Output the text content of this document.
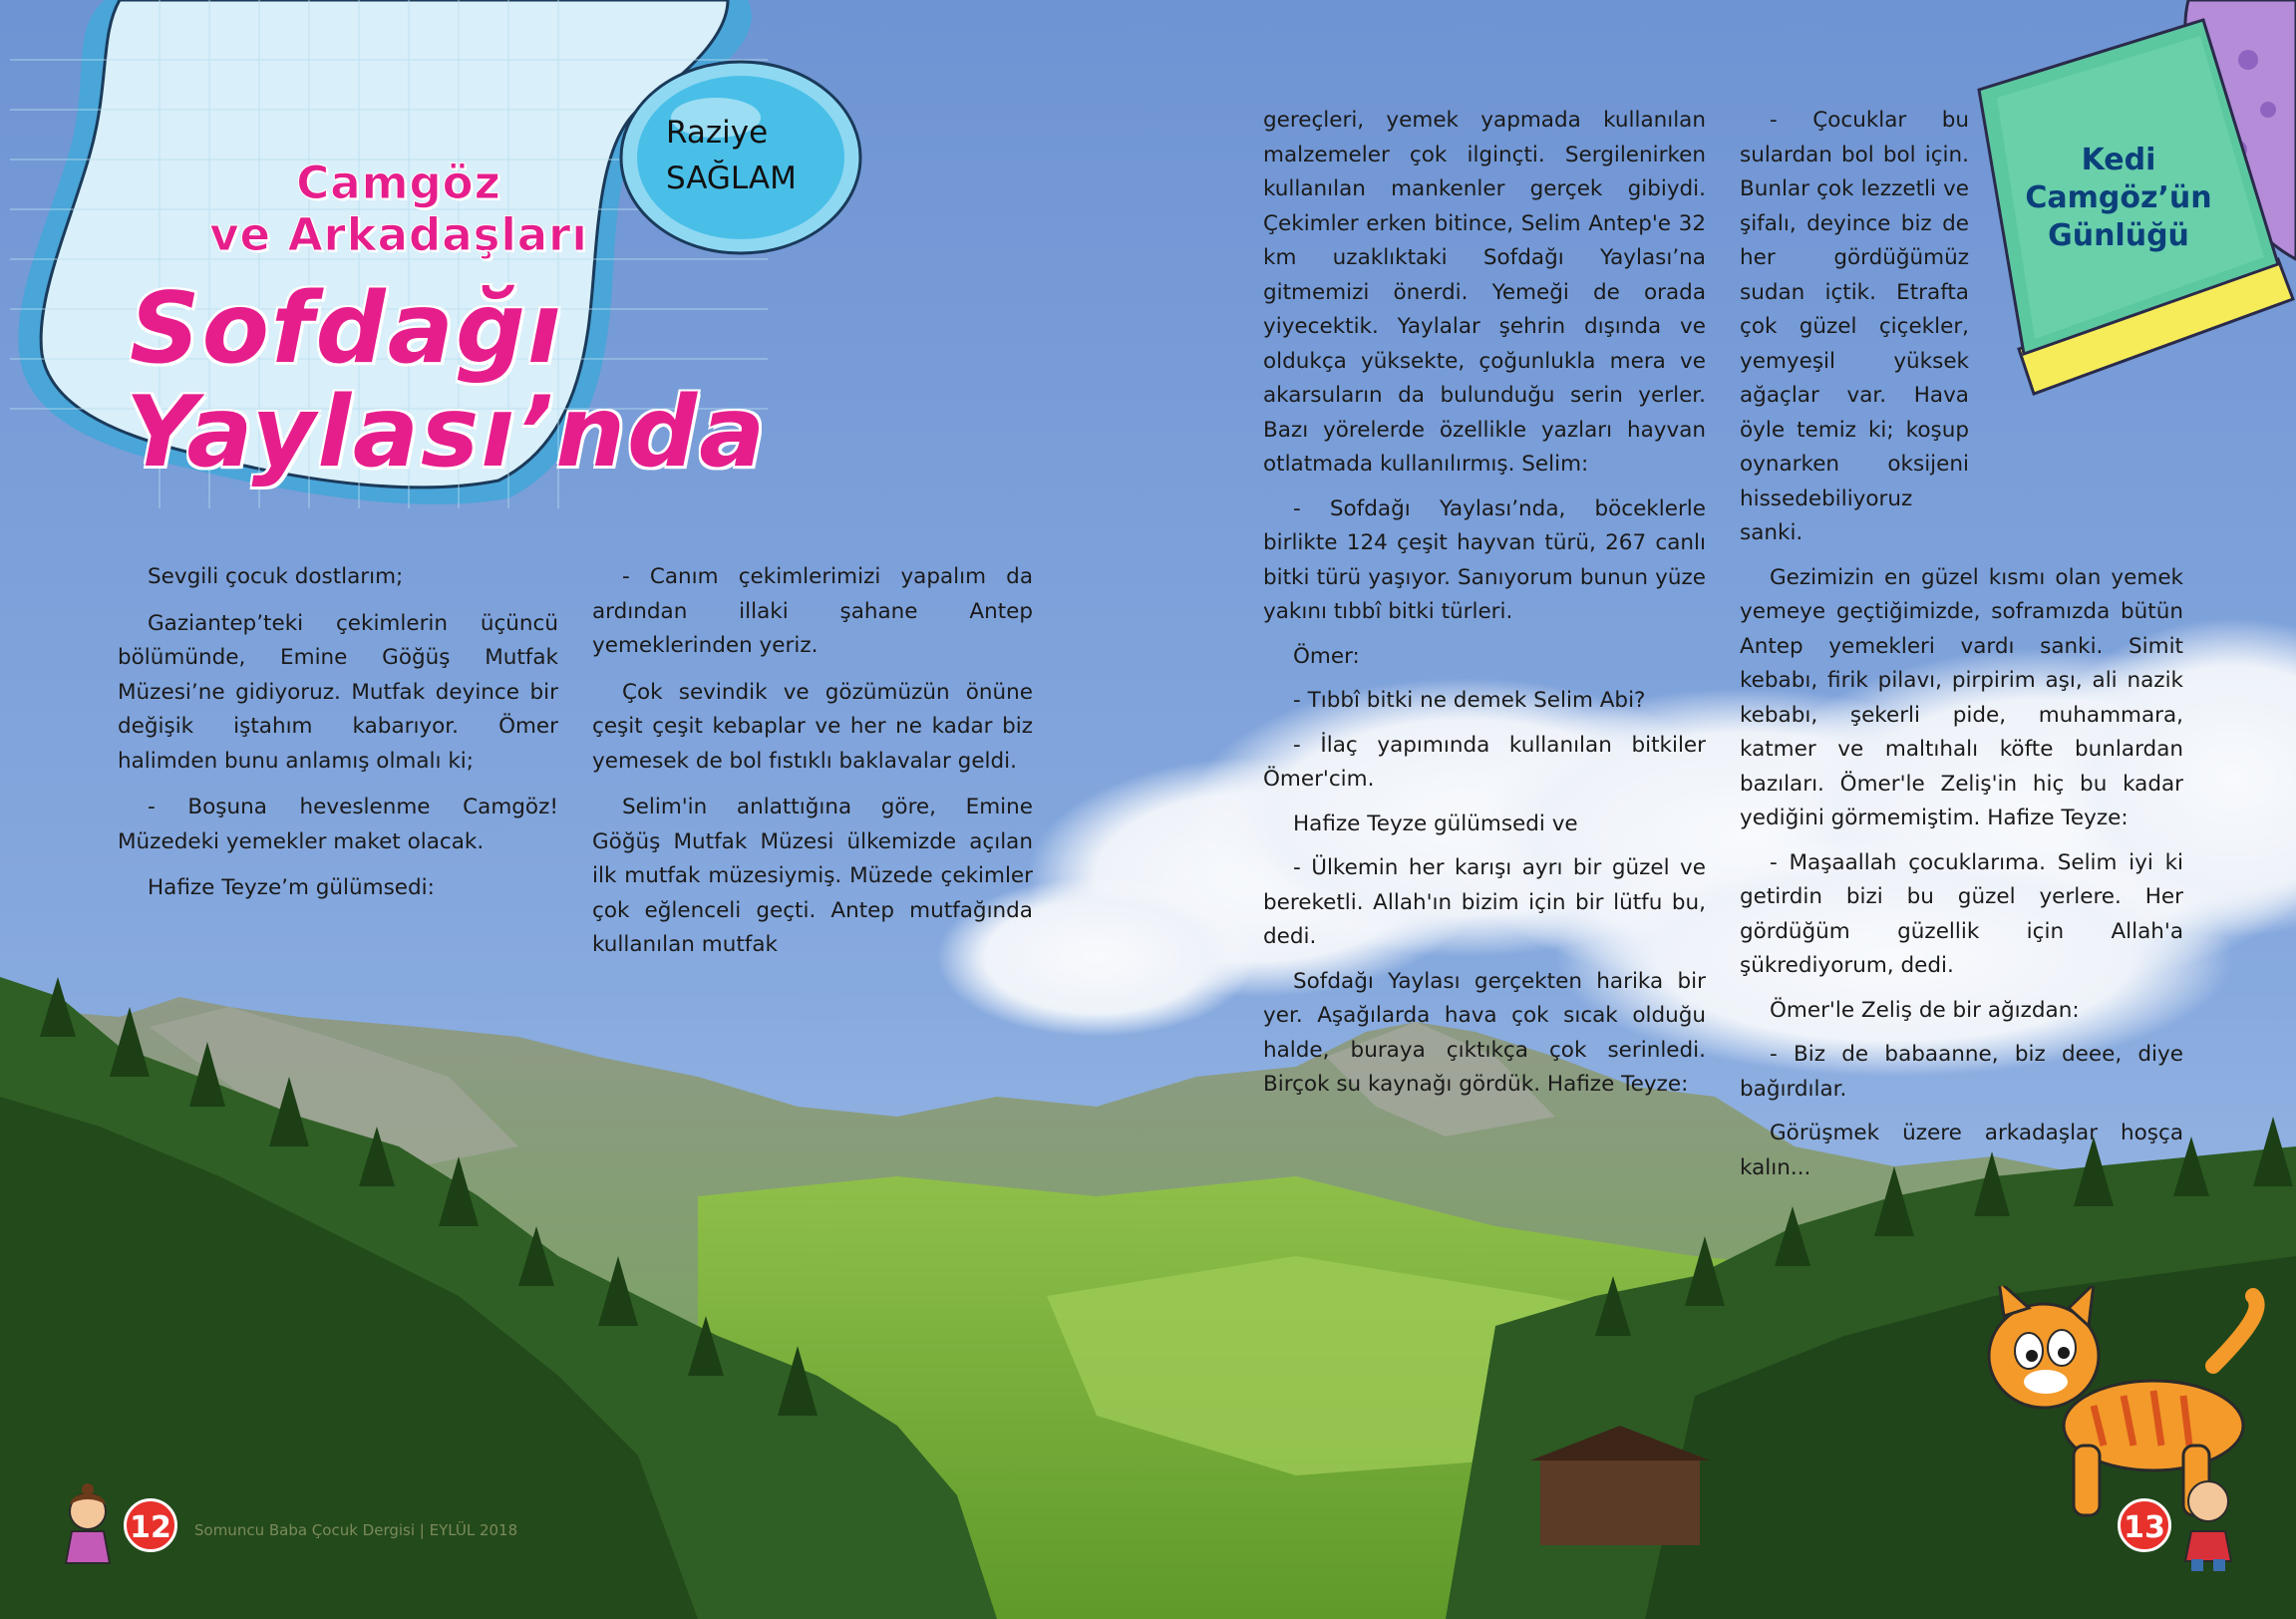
Camgöz
ve Arkadaşları
Sofdağı
Yaylası’nda
Raziye
SAĞLAM
Kedi
Camgöz’ün
Günlüğü

Sevgili çocuk dostlarım;

Gaziantep’teki çekimlerin üçüncü bölümünde, Emine Göğüş Mutfak Müzesi’ne gidiyoruz. Mutfak deyince bir değişik iştahım kabarıyor. Ömer halimden bunu anlamış olmalı ki;

- Boşuna heveslenme Camgöz! Müzedeki yemekler maket olacak.

Hafize Teyze’m gülümsedi:

- Canım çekimlerimizi yapalım da ardından illaki şahane Antep yemeklerinden yeriz.

Çok sevindik ve gözümüzün önüne çeşit çeşit kebaplar ve her ne kadar biz yemesek de bol fıstıklı baklavalar geldi.

Selim'in anlattığına göre, Emine Göğüş Mutfak Müzesi ülkemizde açılan ilk mutfak müzesiymiş. Müzede çekimler çok eğlenceli geçti. Antep mutfağında kullanılan mutfak

gereçleri, yemek yapmada kullanılan malzemeler çok ilginçti. Sergilenirken kullanılan mankenler gerçek gibiydi. Çekimler erken bitince, Selim Antep'e 32 km uzaklıktaki Sofdağı Yaylası’na gitmemizi önerdi. Yemeği de orada yiyecektik. Yaylalar şehrin dışında ve oldukça yüksekte, çoğunlukla mera ve akarsuların da bulunduğu serin yerler. Bazı yörelerde özellikle yazları hayvan otlatmada kullanılırmış. Selim:

- Sofdağı Yaylası’nda, böceklerle birlikte 124 çeşit hayvan türü, 267 canlı bitki türü yaşıyor. Sanıyorum bunun yüze yakını tıbbî bitki türleri.

Ömer:

- Tıbbî bitki ne demek Selim Abi?

- İlaç yapımında kullanılan bitkiler Ömer'cim.

Hafize Teyze gülümsedi ve

- Ülkemin her karışı ayrı bir güzel ve bereketli. Allah'ın bizim için bir lütfu bu, dedi.

Sofdağı Yaylası gerçekten harika bir yer. Aşağılarda hava çok sıcak olduğu halde, buraya çıktıkça çok serinledi. Birçok su kaynağı gördük. Hafize Teyze:

- Çocuklar bu sulardan bol bol için. Bunlar çok lezzetli ve şifalı, deyince biz de her gördüğümüz sudan içtik. Etrafta çok güzel çiçekler, yemyeşil yüksek ağaçlar var. Hava öyle temiz ki; koşup oynarken oksijeni hissedebiliyoruz sanki.

Gezimizin en güzel kısmı olan yemek yemeye geçtiğimizde, soframızda bütün Antep yemekleri vardı sanki. Simit kebabı, firik pilavı, pirpirim aşı, ali nazik kebabı, şekerli pide, muhammara, katmer ve maltıhalı köfte bunlardan bazıları. Ömer'le Zeliş'in hiç bu kadar yediğini görmemiştim. Hafize Teyze:

- Maşaallah çocuklarıma. Selim iyi ki getirdin bizi bu güzel yerlere. Her gördüğüm güzellik için Allah'a şükrediyorum, dedi.

Ömer'le Zeliş de bir ağızdan:

- Biz de babaanne, biz deee, diye bağırdılar.

Görüşmek üzere arkadaşlar hoşça kalın...

12	Somuncu Baba Çocuk Dergisi | EYLÜL 2018	13
